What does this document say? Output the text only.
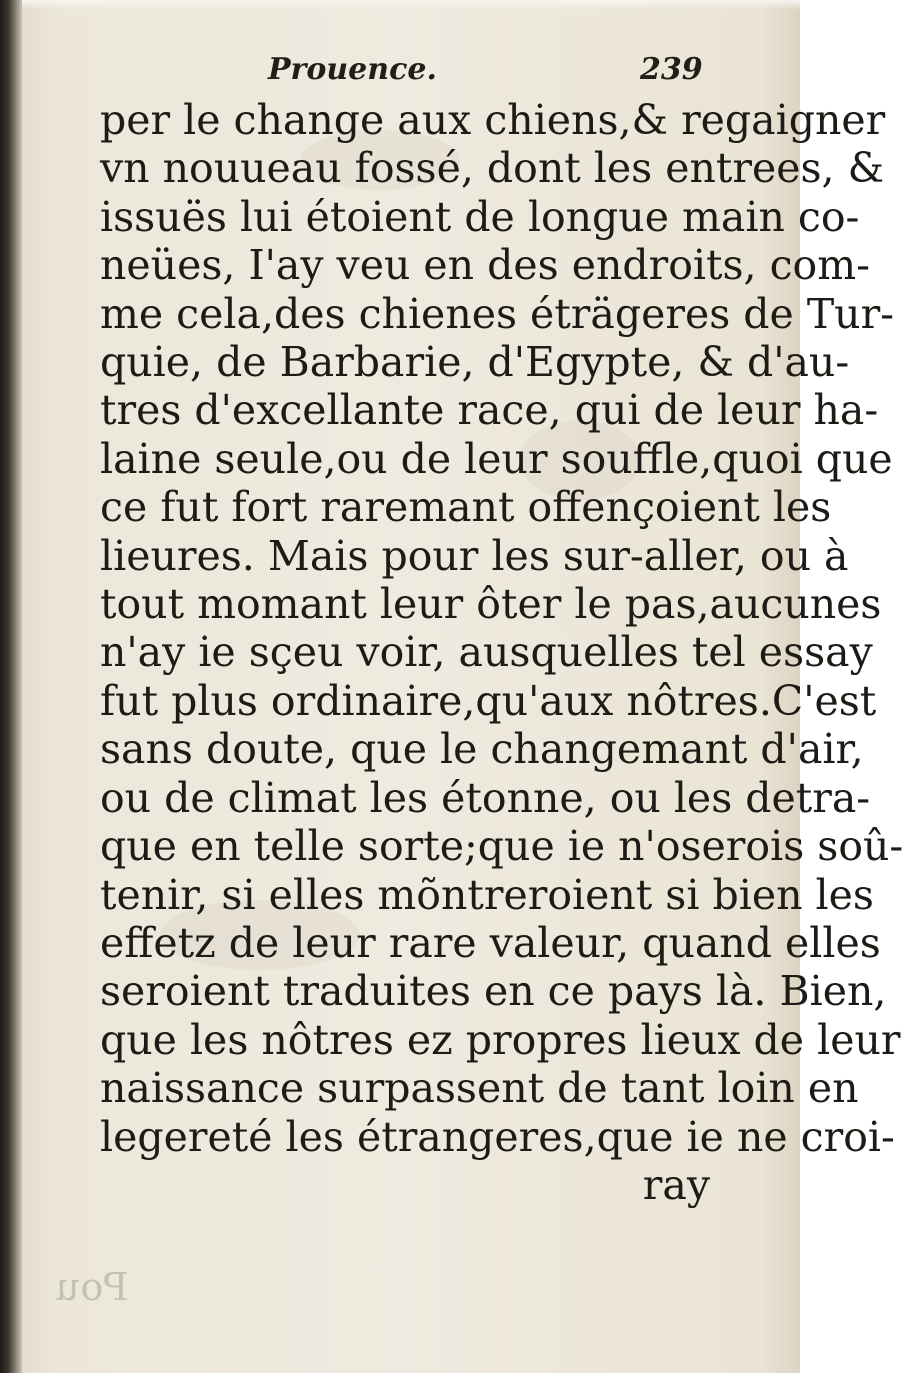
Prouence.	239
per le change aux chiens,& regaigner
vn nouueau fossé, dont les entrees, &
issuës lui étoient de longue main co-
neües, I'ay veu en des endroits, com-
me cela,des chienes éträgeres de Tur-
quie, de Barbarie, d'Egypte, & d'au-
tres d'excellante race, qui de leur ha-
laine seule,ou de leur souffle,quoi que
ce fut fort raremant offençoient les
lieures. Mais pour les sur-aller, ou à
tout momant leur ôter le pas,aucunes
n'ay ie sçeu voir, ausquelles tel essay
fut plus ordinaire,qu'aux nôtres.C'est
sans doute, que le changemant d'air,
ou de climat les étonne, ou les detra-
que en telle sorte;que ie n'oserois soû-
tenir, si elles mõntreroient si bien les
effetz de leur rare valeur, quand elles
seroient traduites en ce pays là. Bien,
que les nôtres ez propres lieux de leur
naissance surpassent de tant loin en
legereté les étrangeres,que ie ne croi-
ray
Pou
